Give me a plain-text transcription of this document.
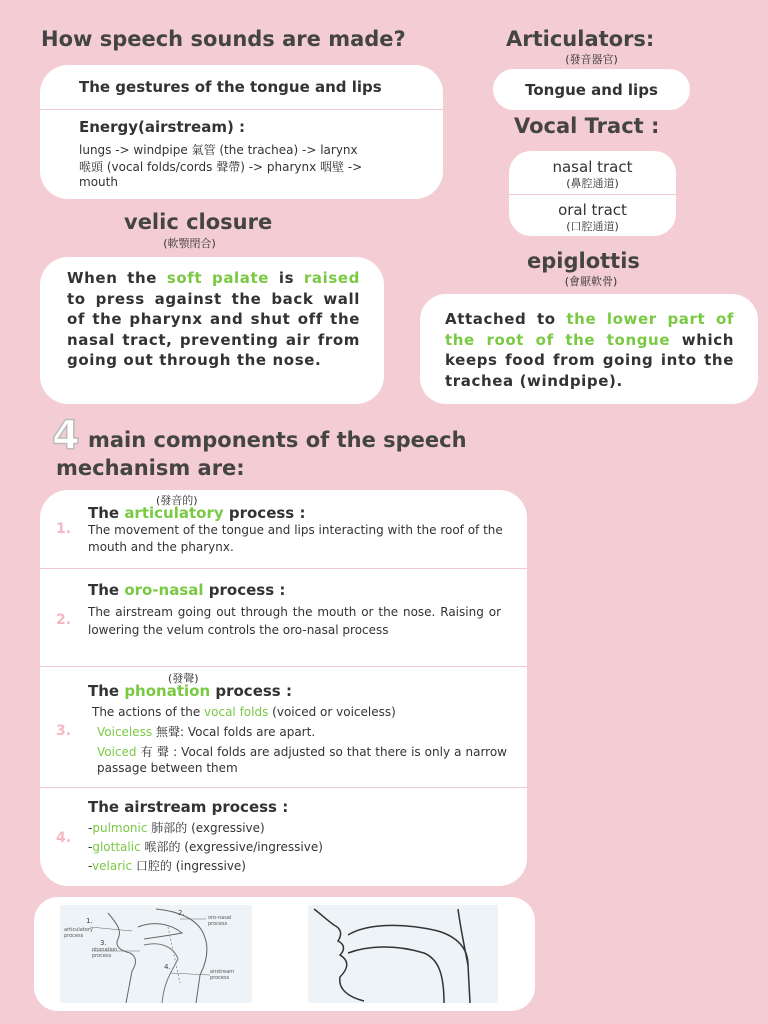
How speech sounds are made?
The gestures of the tongue and lips
Energy(airstream) :
lungs -> windpipe 氣管 (the trachea) -> larynx
喉頭 (vocal folds/cords 聲帶) -> pharynx 咽壁 ->
mouth
Articulators:
(發音器官)
Tongue and lips
Vocal Tract :
nasal tract
(鼻腔通道)
oral tract
(口腔通道)
velic closure
(軟顎閉合)
When the soft palate is raised to press against the back wall of the pharynx and shut off the nasal tract, preventing air from going out through the nose.
epiglottis
(會厭軟骨)
Attached to the lower part of the root of the tongue which keeps food from going into the trachea (windpipe).
4 main components of the speech
mechanism are:
(發音的)
1.
The articulatory process :
The movement of the tongue and lips interacting with the roof of the mouth and the pharynx.
2.
The oro-nasal process :
The airstream going out through the mouth or the nose. Raising or lowering the velum controls the oro-nasal process
(發聲)
3.
The phonation process :
The actions of the vocal folds (voiced or voiceless)
Voiceless 無聲: Vocal folds are apart.
Voiced 有 聲 : Vocal folds are adjusted so that there is only a narrow passage between them
4.
The airstream process :
-pulmonic 肺部的 (exgressive)
-glottalic 喉部的 (exgressive/ingressive)
-velaric 口腔的 (ingressive)
1.
articulatory process
2.
oro-nasal process
3.
phonation process
4.
airstream process
